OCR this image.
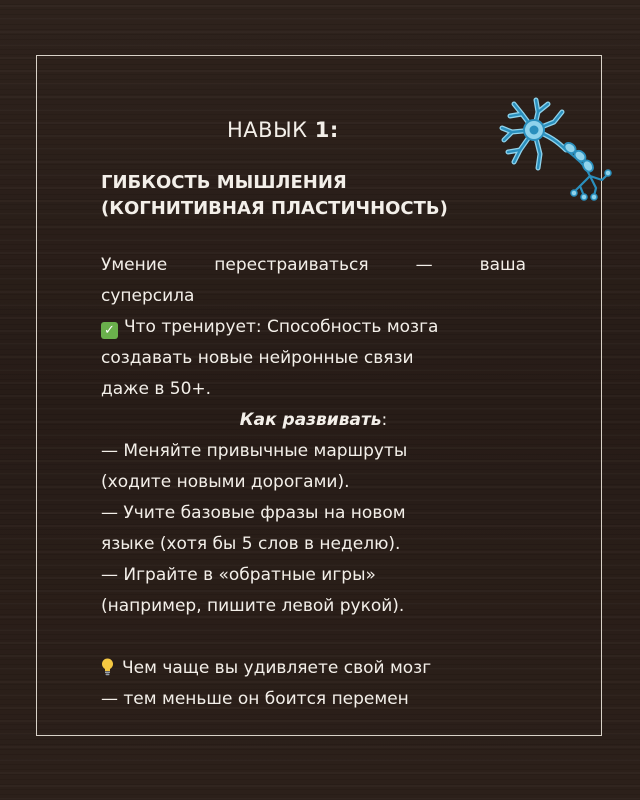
НАВЫК 1:
ГИБКОСТЬ МЫШЛЕНИЯ
(КОГНИТИВНАЯ ПЛАСТИЧНОСТЬ)

Умение перестраиваться — ваша

суперсила

✓ Что тренирует: Способность мозга

создавать новые нейронные связи

даже в 50+.

Как развивать:

— Меняйте привычные маршруты

(ходите новыми дорогами).

— Учите базовые фразы на новом

языке (хотя бы 5 слов в неделю).

— Играйте в «обратные игры»

(например, пишите левой рукой).

Чем чаще вы удивляете свой мозг

— тем меньше он боится перемен
